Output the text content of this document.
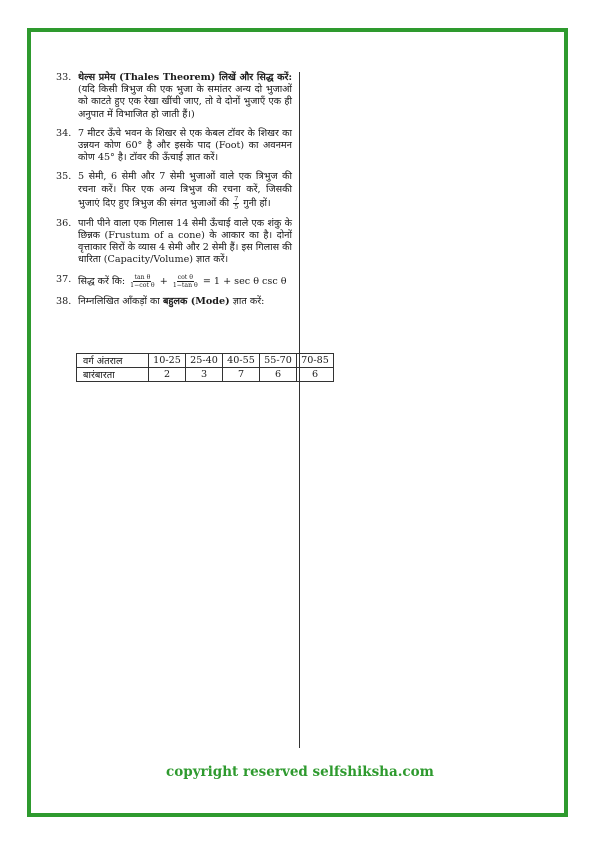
33. थेल्स प्रमेय (Thales Theorem) लिखें और सिद्ध करें: (यदि किसी त्रिभुज की एक भुजा के समांतर अन्य दो भुजाओं को काटते हुए एक रेखा खींची जाए, तो वे दोनों भुजाएँ एक ही अनुपात में विभाजित हो जाती हैं।)
34. 7 मीटर ऊँचे भवन के शिखर से एक केबल टॉवर के शिखर का उन्नयन कोण 60° है और इसके पाद (Foot) का अवनमन कोण 45° है। टॉवर की ऊँचाई ज्ञात करें।
35. 5 सेमी, 6 सेमी और 7 सेमी भुजाओं वाले एक त्रिभुज की रचना करें। फिर एक अन्य त्रिभुज की रचना करें, जिसकी भुजाएं दिए हुए त्रिभुज की संगत भुजाओं की $\frac{7}{5}$ गुनी हों।
36. पानी पीने वाला एक गिलास 14 सेमी ऊँचाई वाले एक शंकु के छिन्नक (Frustum of a cone) के आकार का है। दोनों वृत्ताकार सिरों के व्यास 4 सेमी और 2 सेमी हैं। इस गिलास की धारिता (Capacity/Volume) ज्ञात करें।
37. सिद्ध करें कि: $\frac{\text{tan θ}}{\text{1−cot θ}} + \frac{\text{cot θ}}{\text{1−tan θ}} = 1 + \sec \theta$ csc θ
38. निम्नलिखित आँकड़ों का बहुलक (Mode) ज्ञात करें:
वर्ग अंतराल	10-25	25-40	40-55	55-70	70-85
बारंबारता	2	3	7	6	6
copyright reserved selfshiksha.com
